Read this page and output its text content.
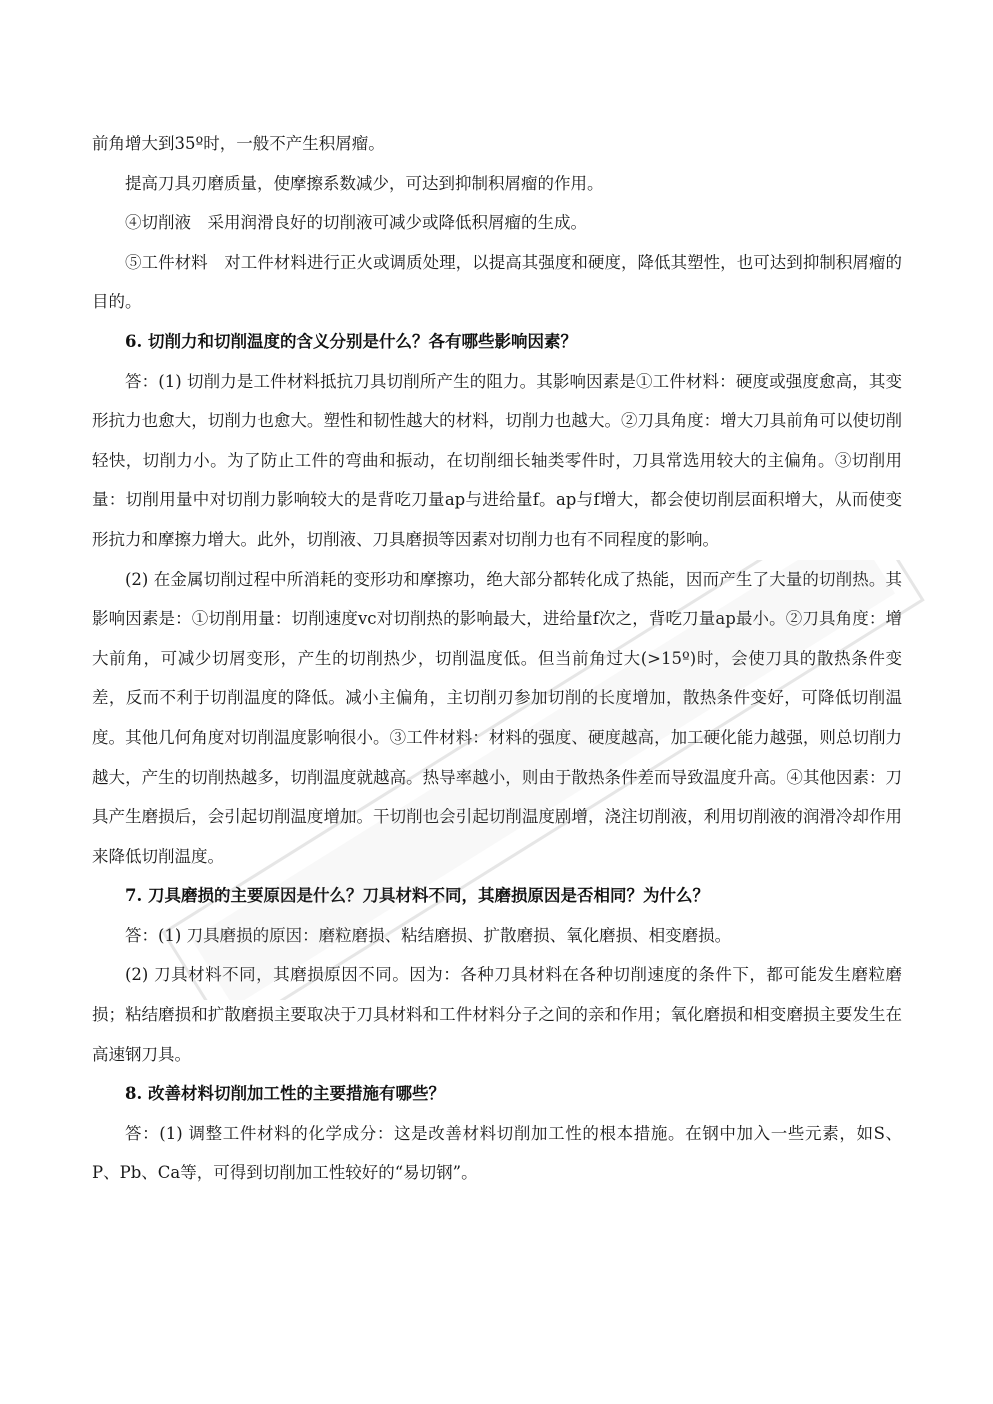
前角增大到35º时，一般不产生积屑瘤。

提高刀具刃磨质量，使摩擦系数减少，可达到抑制积屑瘤的作用。

④切削液　采用润滑良好的切削液可减少或降低积屑瘤的生成。

⑤工件材料　对工件材料进行正火或调质处理，以提高其强度和硬度，降低其塑性，也可达到抑制积屑瘤的目的。

6. 切削力和切削温度的含义分别是什么？各有哪些影响因素？

答：(1) 切削力是工件材料抵抗刀具切削所产生的阻力。其影响因素是①工件材料：硬度或强度愈高，其变形抗力也愈大，切削力也愈大。塑性和韧性越大的材料，切削力也越大。②刀具角度：增大刀具前角可以使切削轻快，切削力小。为了防止工件的弯曲和振动，在切削细长轴类零件时，刀具常选用较大的主偏角。③切削用量：切削用量中对切削力影响较大的是背吃刀量ap与进给量f。ap与f增大，都会使切削层面积增大，从而使变形抗力和摩擦力增大。此外，切削液、刀具磨损等因素对切削力也有不同程度的影响。

(2) 在金属切削过程中所消耗的变形功和摩擦功，绝大部分都转化成了热能，因而产生了大量的切削热。其影响因素是：①切削用量：切削速度vc对切削热的影响最大，进给量f次之，背吃刀量ap最小。②刀具角度：增大前角，可减少切屑变形，产生的切削热少，切削温度低。但当前角过大(>15º)时，会使刀具的散热条件变差，反而不利于切削温度的降低。减小主偏角，主切削刃参加切削的长度增加，散热条件变好，可降低切削温度。其他几何角度对切削温度影响很小。③工件材料：材料的强度、硬度越高，加工硬化能力越强，则总切削力越大，产生的切削热越多，切削温度就越高。热导率越小，则由于散热条件差而导致温度升高。④其他因素：刀具产生磨损后，会引起切削温度增加。干切削也会引起切削温度剧增，浇注切削液，利用切削液的润滑冷却作用来降低切削温度。

7. 刀具磨损的主要原因是什么？刀具材料不同，其磨损原因是否相同？为什么？

答：(1) 刀具磨损的原因：磨粒磨损、粘结磨损、扩散磨损、氧化磨损、相变磨损。

(2) 刀具材料不同，其磨损原因不同。因为：各种刀具材料在各种切削速度的条件下，都可能发生磨粒磨损；粘结磨损和扩散磨损主要取决于刀具材料和工件材料分子之间的亲和作用；氧化磨损和相变磨损主要发生在高速钢刀具。

8. 改善材料切削加工性的主要措施有哪些？

答：(1) 调整工件材料的化学成分：这是改善材料切削加工性的根本措施。在钢中加入一些元素，如S、P、Pb、Ca等，可得到切削加工性较好的“易切钢”。
